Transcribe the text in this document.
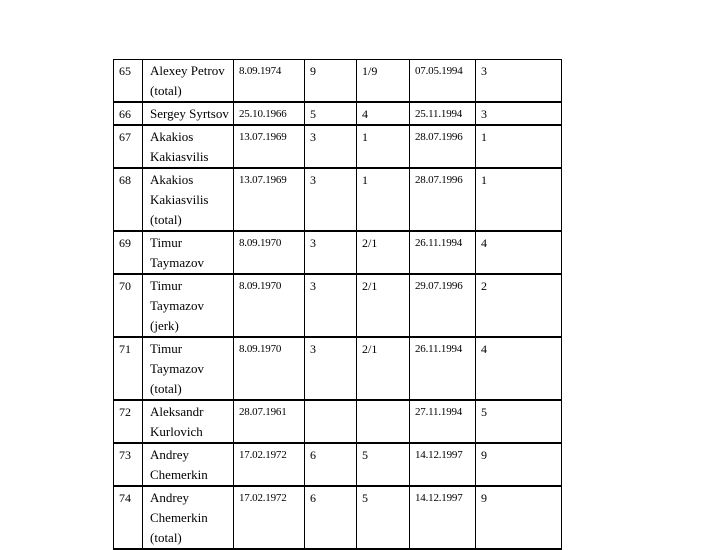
65	Alexey Petrov (total)	8.09.1974	9	1/9	07.05.1994	3
66	Sergey Syrtsov	25.10.1966	5	4	25.11.1994	3
67	Akakios Kakiasvilis	13.07.1969	3	1	28.07.1996	1
68	Akakios Kakiasvilis (total)	13.07.1969	3	1	28.07.1996	1
69	Timur Taymazov	8.09.1970	3	2/1	26.11.1994	4
70	Timur Taymazov (jerk)	8.09.1970	3	2/1	29.07.1996	2
71	Timur Taymazov (total)	8.09.1970	3	2/1	26.11.1994	4
72	Aleksandr Kurlovich	28.07.1961			27.11.1994	5
73	Andrey Chemerkin	17.02.1972	6	5	14.12.1997	9
74	Andrey Chemerkin (total)	17.02.1972	6	5	14.12.1997	9
